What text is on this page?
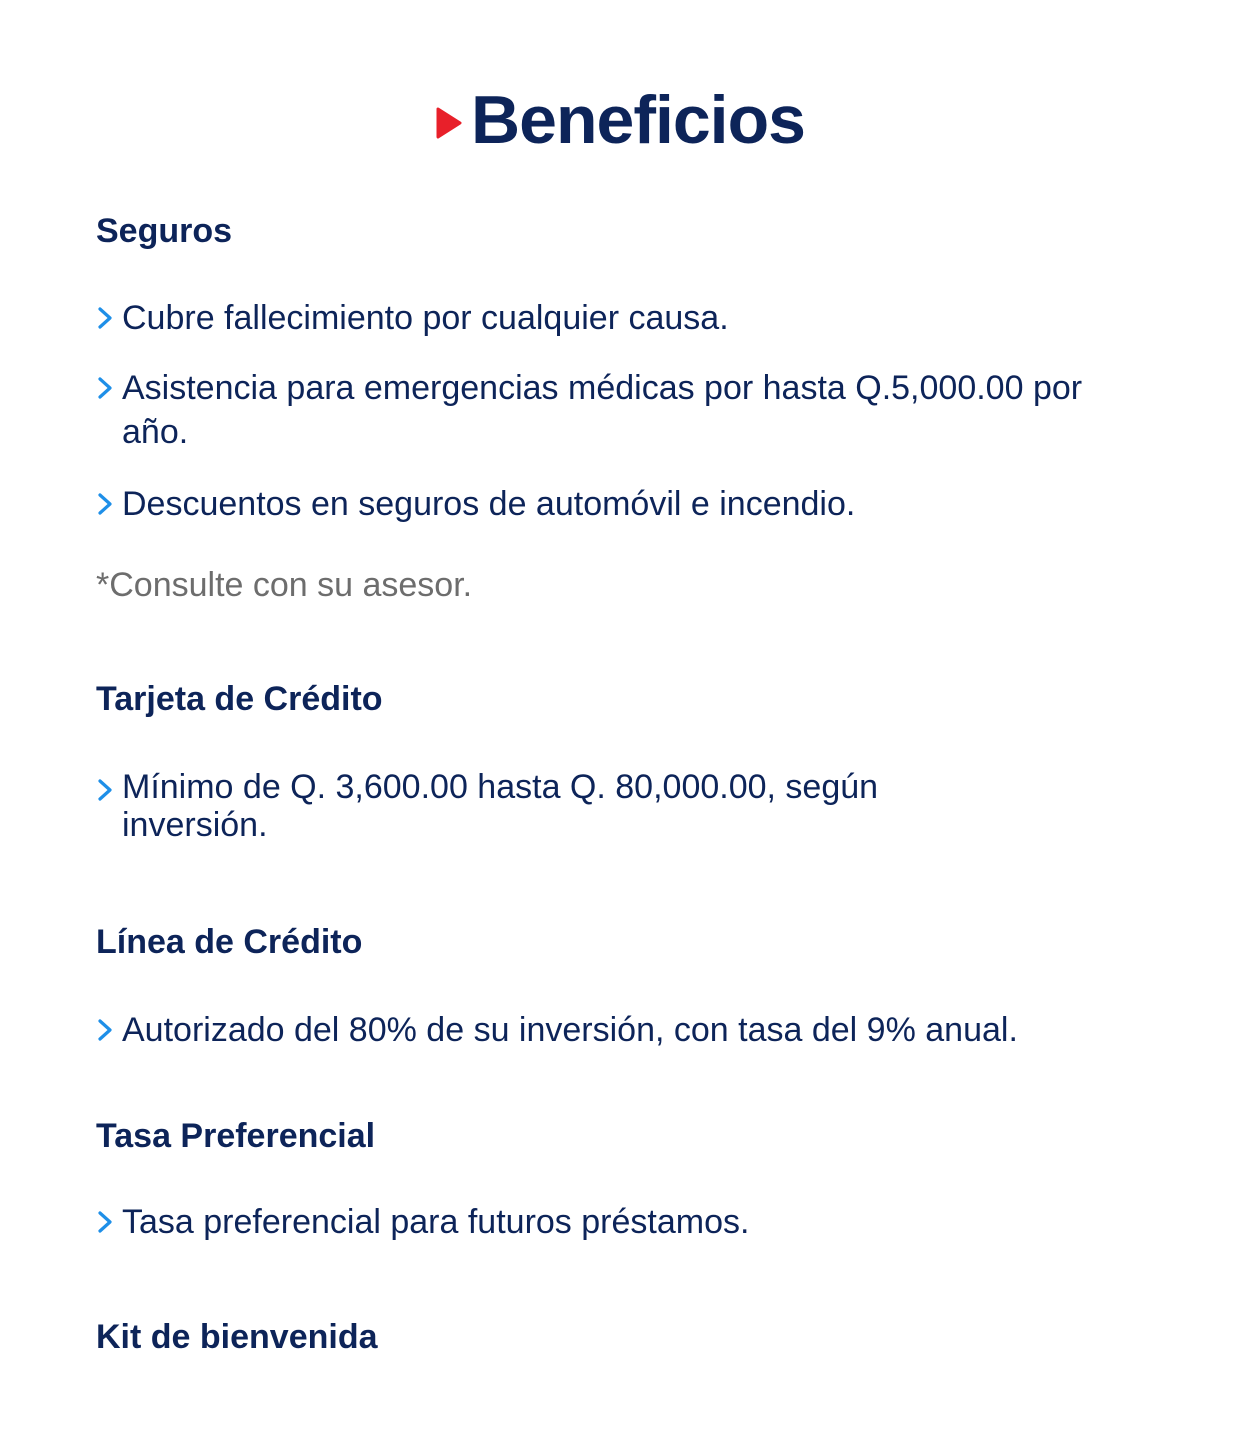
Beneficios
Seguros
Cubre fallecimiento por cualquier causa.
Asistencia para emergencias médicas por hasta Q.5,000.00 por año.
Descuentos en seguros de automóvil e incendio.
*Consulte con su asesor.
Tarjeta de Crédito
Mínimo de Q. 3,600.00 hasta Q. 80,000.00, según inversión.
Línea de Crédito
Autorizado del 80% de su inversión, con tasa del 9% anual.
Tasa Preferencial
Tasa preferencial para futuros préstamos.
Kit de bienvenida
